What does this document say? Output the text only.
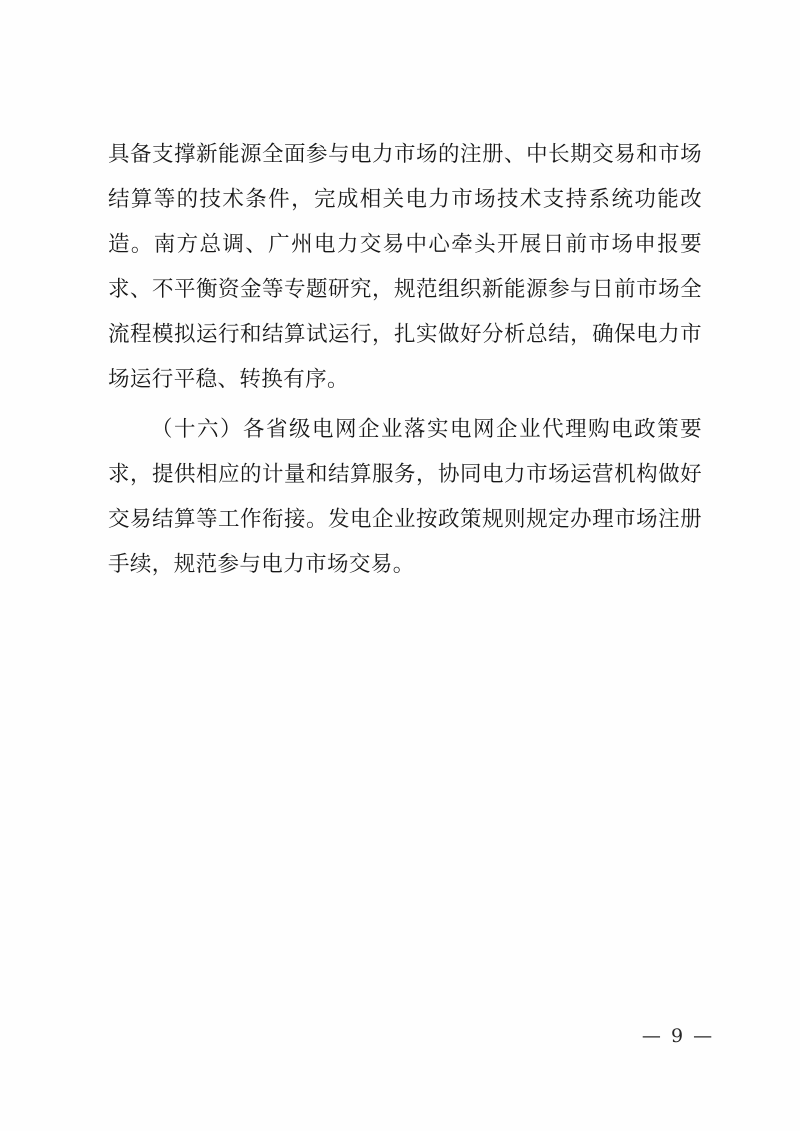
具备支撑新能源全面参与电力市场的注册、中长期交易和市场结算等的技术条件，完成相关电力市场技术支持系统功能改造。南方总调、广州电力交易中心牵头开展日前市场申报要求、不平衡资金等专题研究，规范组织新能源参与日前市场全流程模拟运行和结算试运行，扎实做好分析总结，确保电力市场运行平稳、转换有序。

（十六）各省级电网企业落实电网企业代理购电政策要求，提供相应的计量和结算服务，协同电力市场运营机构做好交易结算等工作衔接。发电企业按政策规则规定办理市场注册手续，规范参与电力市场交易。

— 9 —
